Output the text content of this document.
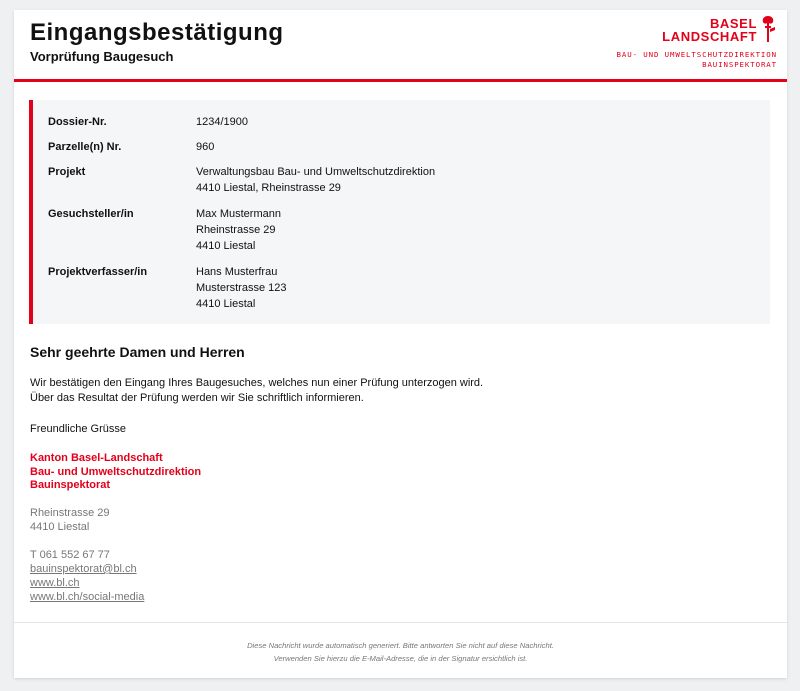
Eingangsbestätigung
Vorprüfung Baugesuch
BASEL
LANDSCHAFT
BAU- UND UMWELTSCHUTZDIREKTION
BAUINSPEKTORAT
Dossier-Nr.	1234/1900
Parzelle(n) Nr.	960
Projekt	Verwaltungsbau Bau- und Umweltschutzdirektion
4410 Liestal, Rheinstrasse 29
Gesuchsteller/in	Max Mustermann
Rheinstrasse 29
4410 Liestal
Projektverfasser/in	Hans Musterfrau
Musterstrasse 123
4410 Liestal
Sehr geehrte Damen und Herren
Wir bestätigen den Eingang Ihres Baugesuches, welches nun einer Prüfung unterzogen wird.
Über das Resultat der Prüfung werden wir Sie schriftlich informieren.
Freundliche Grüsse
Kanton Basel-Landschaft
Bau- und Umweltschutzdirektion
Bauinspektorat
Rheinstrasse 29
4410 Liestal
T 061 552 67 77
bauinspektorat@bl.ch
www.bl.ch
www.bl.ch/social-media
Diese Nachricht wurde automatisch generiert. Bitte antworten Sie nicht auf diese Nachricht.
Verwenden Sie hierzu die E-Mail-Adresse, die in der Signatur ersichtlich ist.
